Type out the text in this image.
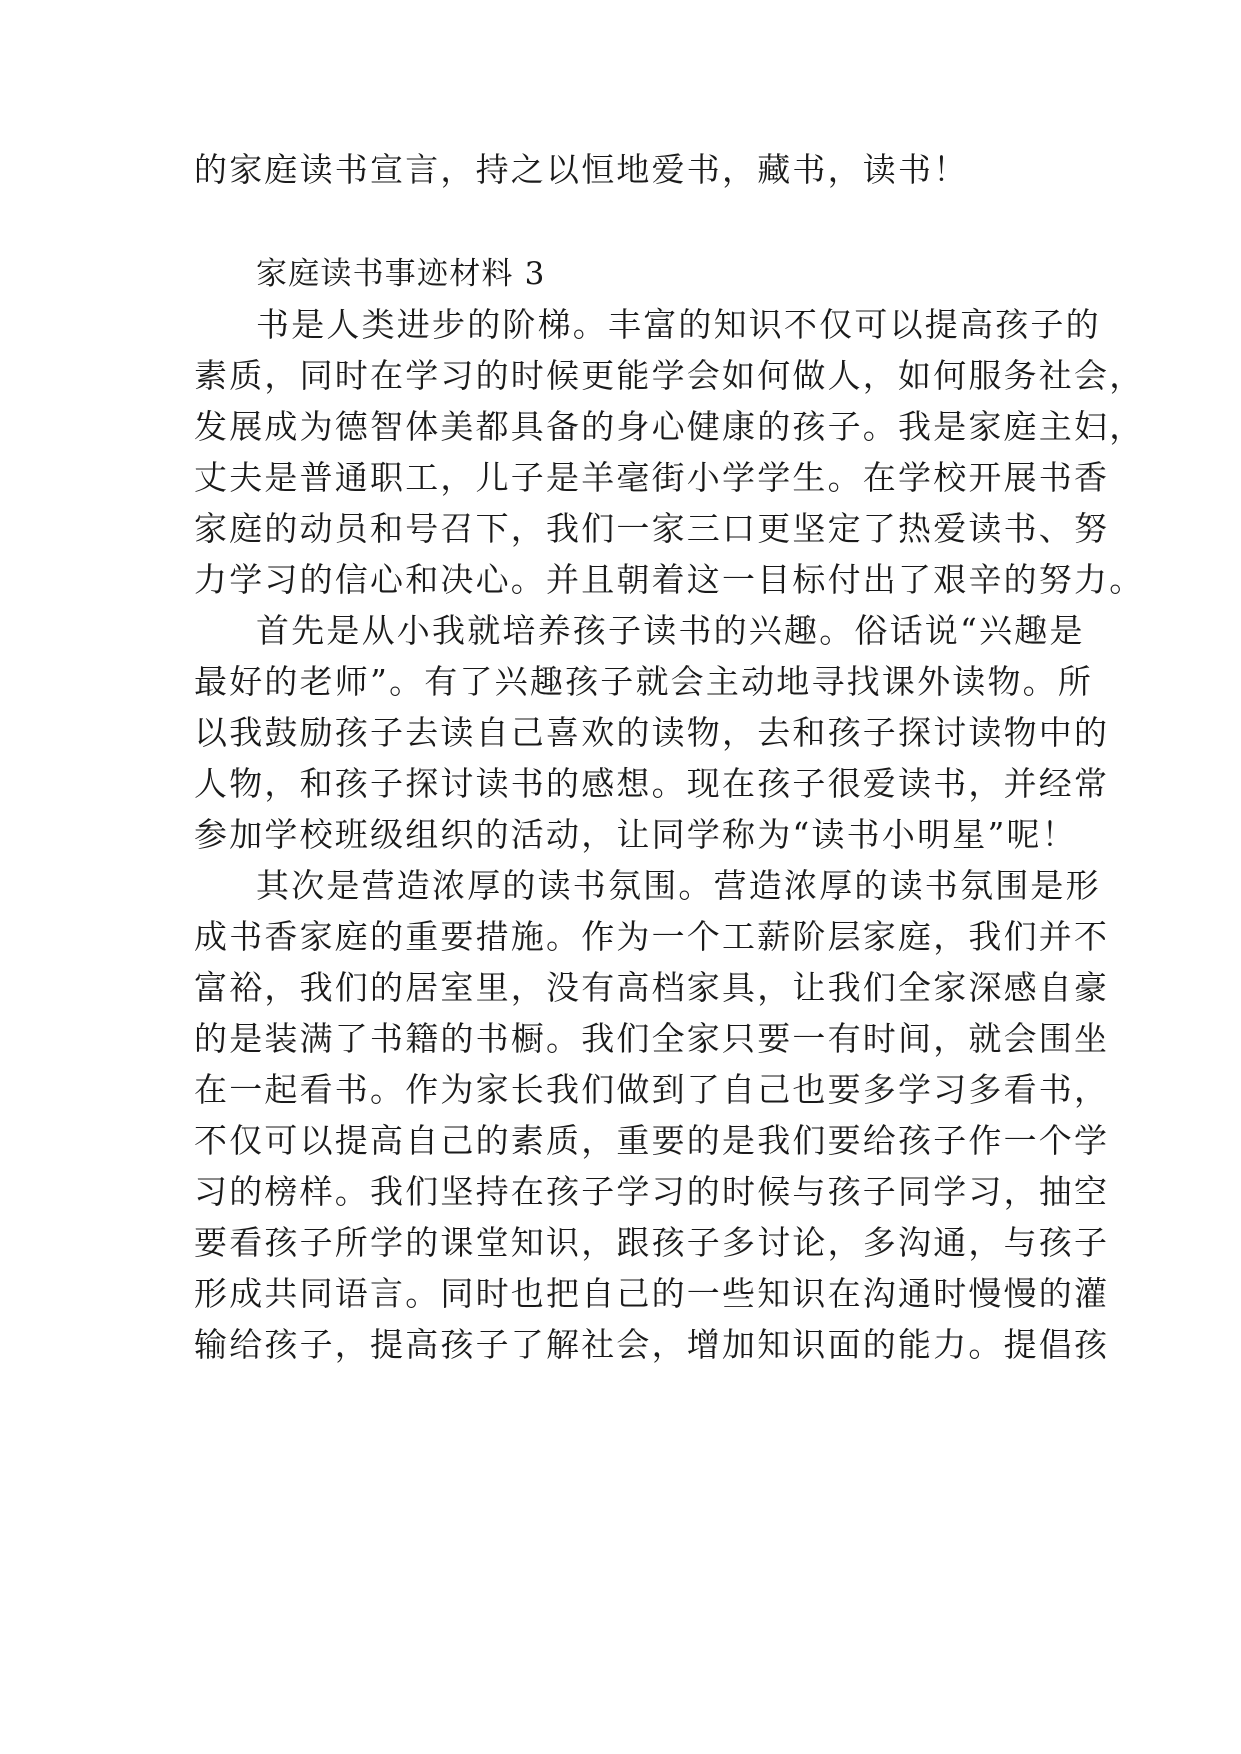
的家庭读书宣言，持之以恒地爱书，藏书，读书！
家庭读书事迹材料 3
书是人类进步的阶梯。丰富的知识不仅可以提高孩子的
素质，同时在学习的时候更能学会如何做人，如何服务社会，
发展成为德智体美都具备的身心健康的孩子。我是家庭主妇，
丈夫是普通职工，儿子是羊毫街小学学生。在学校开展书香
家庭的动员和号召下，我们一家三口更坚定了热爱读书、努
力学习的信心和决心。并且朝着这一目标付出了艰辛的努力。
首先是从小我就培养孩子读书的兴趣。俗话说“兴趣是
最好的老师”。有了兴趣孩子就会主动地寻找课外读物。所
以我鼓励孩子去读自己喜欢的读物，去和孩子探讨读物中的
人物，和孩子探讨读书的感想。现在孩子很爱读书，并经常
参加学校班级组织的活动，让同学称为“读书小明星”呢！
其次是营造浓厚的读书氛围。营造浓厚的读书氛围是形
成书香家庭的重要措施。作为一个工薪阶层家庭，我们并不
富裕，我们的居室里，没有高档家具，让我们全家深感自豪
的是装满了书籍的书橱。我们全家只要一有时间，就会围坐
在一起看书。作为家长我们做到了自己也要多学习多看书，
不仅可以提高自己的素质，重要的是我们要给孩子作一个学
习的榜样。我们坚持在孩子学习的时候与孩子同学习，抽空
要看孩子所学的课堂知识，跟孩子多讨论，多沟通，与孩子
形成共同语言。同时也把自己的一些知识在沟通时慢慢的灌
输给孩子，提高孩子了解社会，增加知识面的能力。提倡孩
